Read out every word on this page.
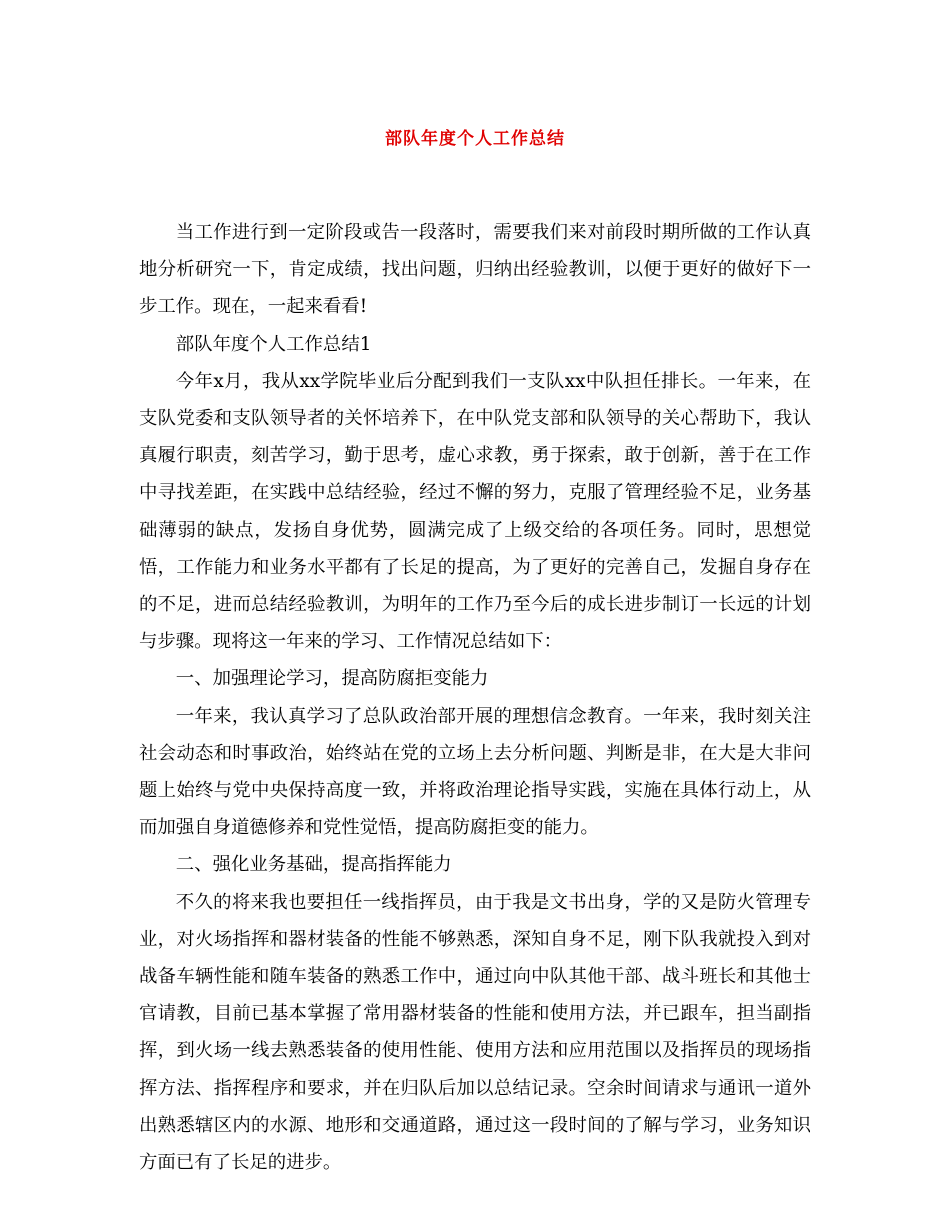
部队年度个人工作总结

当工作进行到一定阶段或告一段落时，需要我们来对前段时期所做的工作认真地分析研究一下，肯定成绩，找出问题，归纳出经验教训，以便于更好的做好下一步工作。现在，一起来看看!

部队年度个人工作总结1

今年x月，我从xx学院毕业后分配到我们一支队xx中队担任排长。一年来，在支队党委和支队领导者的关怀培养下，在中队党支部和队领导的关心帮助下，我认真履行职责，刻苦学习，勤于思考，虚心求教，勇于探索，敢于创新，善于在工作中寻找差距，在实践中总结经验，经过不懈的努力，克服了管理经验不足，业务基础薄弱的缺点，发扬自身优势，圆满完成了上级交给的各项任务。同时，思想觉悟，工作能力和业务水平都有了长足的提高，为了更好的完善自己，发掘自身存在的不足，进而总结经验教训，为明年的工作乃至今后的成长进步制订一长远的计划与步骤。现将这一年来的学习、工作情况总结如下：

一、加强理论学习，提高防腐拒变能力

一年来，我认真学习了总队政治部开展的理想信念教育。一年来，我时刻关注社会动态和时事政治，始终站在党的立场上去分析问题、判断是非，在大是大非问题上始终与党中央保持高度一致，并将政治理论指导实践，实施在具体行动上，从而加强自身道德修养和党性觉悟，提高防腐拒变的能力。

二、强化业务基础，提高指挥能力

不久的将来我也要担任一线指挥员，由于我是文书出身，学的又是防火管理专业，对火场指挥和器材装备的性能不够熟悉，深知自身不足，刚下队我就投入到对战备车辆性能和随车装备的熟悉工作中，通过向中队其他干部、战斗班长和其他士官请教，目前已基本掌握了常用器材装备的性能和使用方法，并已跟车，担当副指挥，到火场一线去熟悉装备的使用性能、使用方法和应用范围以及指挥员的现场指挥方法、指挥程序和要求，并在归队后加以总结记录。空余时间请求与通讯一道外出熟悉辖区内的水源、地形和交通道路，通过这一段时间的了解与学习，业务知识方面已有了长足的进步。
